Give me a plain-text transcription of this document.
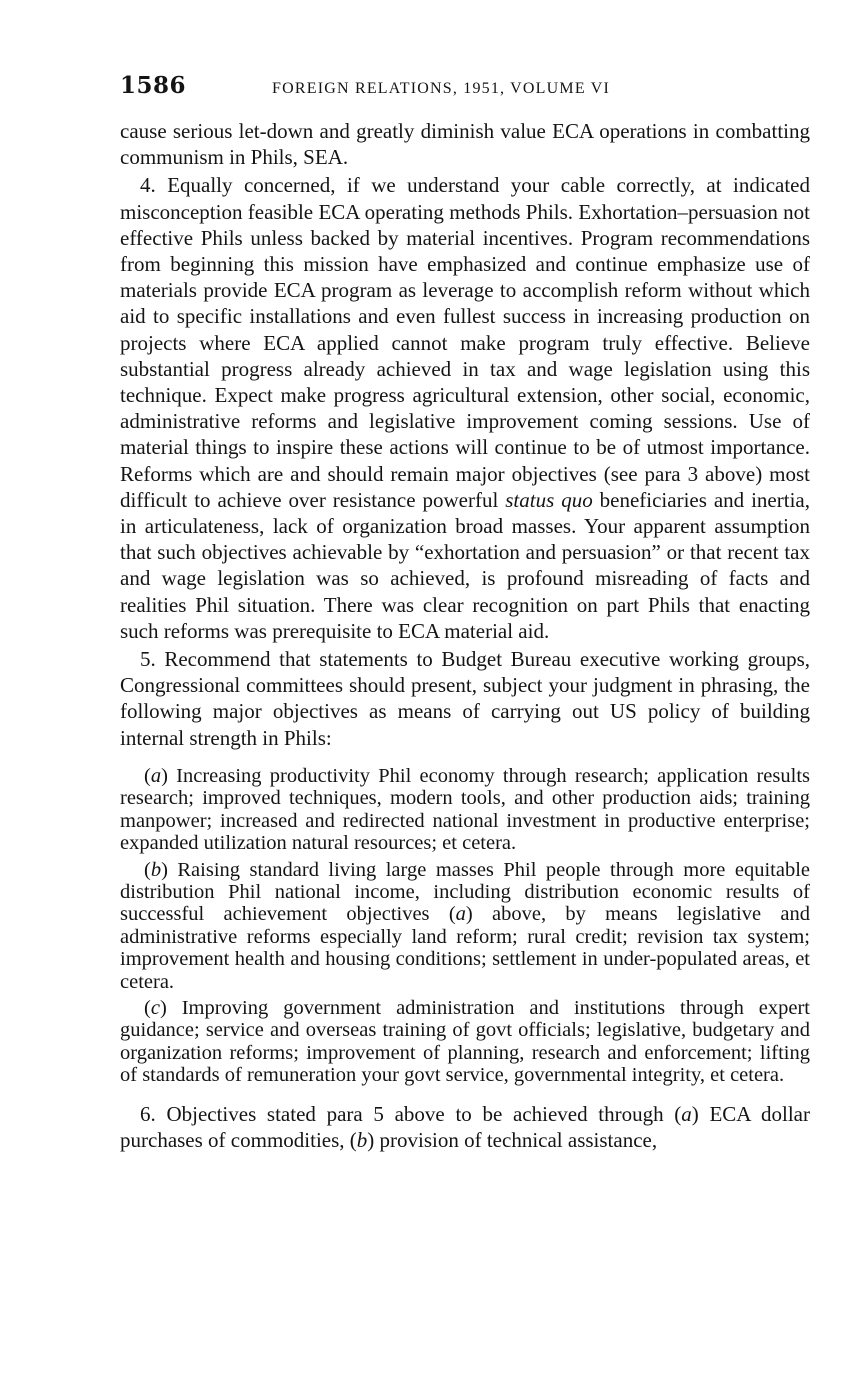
1586	FOREIGN RELATIONS, 1951, VOLUME VI

cause serious let-down and greatly diminish value ECA operations in combatting communism in Phils, SEA.

4. Equally concerned, if we understand your cable correctly, at indicated misconception feasible ECA operating methods Phils. Exhortation–persuasion not effective Phils unless backed by material incentives. Program recommendations from beginning this mission have emphasized and continue emphasize use of materials provide ECA program as leverage to accomplish reform without which aid to specific installations and even fullest success in increasing production on projects where ECA applied cannot make program truly effective. Believe substantial progress already achieved in tax and wage legislation using this technique. Expect make progress agricultural extension, other social, economic, administrative reforms and legislative improvement coming sessions. Use of material things to inspire these actions will continue to be of utmost importance. Reforms which are and should remain major objectives (see para 3 above) most difficult to achieve over resistance powerful status quo beneficiaries and inertia, in articulateness, lack of organization broad masses. Your apparent assumption that such objectives achievable by “exhortation and persuasion” or that recent tax and wage legislation was so achieved, is profound misreading of facts and realities Phil situation. There was clear recognition on part Phils that enacting such reforms was prerequisite to ECA material aid.

5. Recommend that statements to Budget Bureau executive working groups, Congressional committees should present, subject your judgment in phrasing, the following major objectives as means of carrying out US policy of building internal strength in Phils:

(a) Increasing productivity Phil economy through research; application results research; improved techniques, modern tools, and other production aids; training manpower; increased and redirected national investment in productive enterprise; expanded utilization natural resources; et cetera.

(b) Raising standard living large masses Phil people through more equitable distribution Phil national income, including distribution economic results of successful achievement objectives (a) above, by means legislative and administrative reforms especially land reform; rural credit; revision tax system; improvement health and housing conditions; settlement in under-populated areas, et cetera.

(c) Improving government administration and institutions through expert guidance; service and overseas training of govt officials; legislative, budgetary and organization reforms; improvement of planning, research and enforcement; lifting of standards of remuneration your govt service, governmental integrity, et cetera.

6. Objectives stated para 5 above to be achieved through (a) ECA dollar purchases of commodities, (b) provision of technical assistance,
